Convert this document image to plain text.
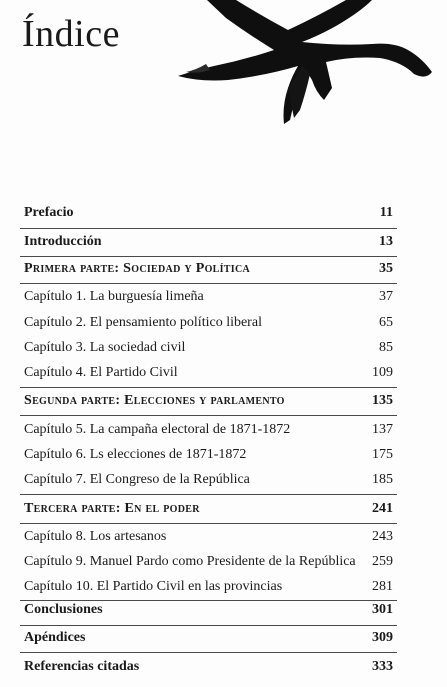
Índice
Prefacio	11
Introducción	13
Primera parte: Sociedad y Política	35
Capítulo 1. La burguesía limeña	37
Capítulo 2. El pensamiento político liberal	65
Capítulo 3. La sociedad civil	85
Capítulo 4. El Partido Civil	109
Segunda parte: Elecciones y parlamento	135
Capítulo 5. La campaña electoral de 1871-1872	137
Capítulo 6. Ls elecciones de 1871-1872	175
Capítulo 7. El Congreso de la República	185
Tercera parte: En el poder	241
Capítulo 8. Los artesanos	243
Capítulo 9. Manuel Pardo como Presidente de la República 259
Capítulo 10. El Partido Civil en las provincias	281
Conclusiones	301
Apéndices	309
Referencias citadas	333
